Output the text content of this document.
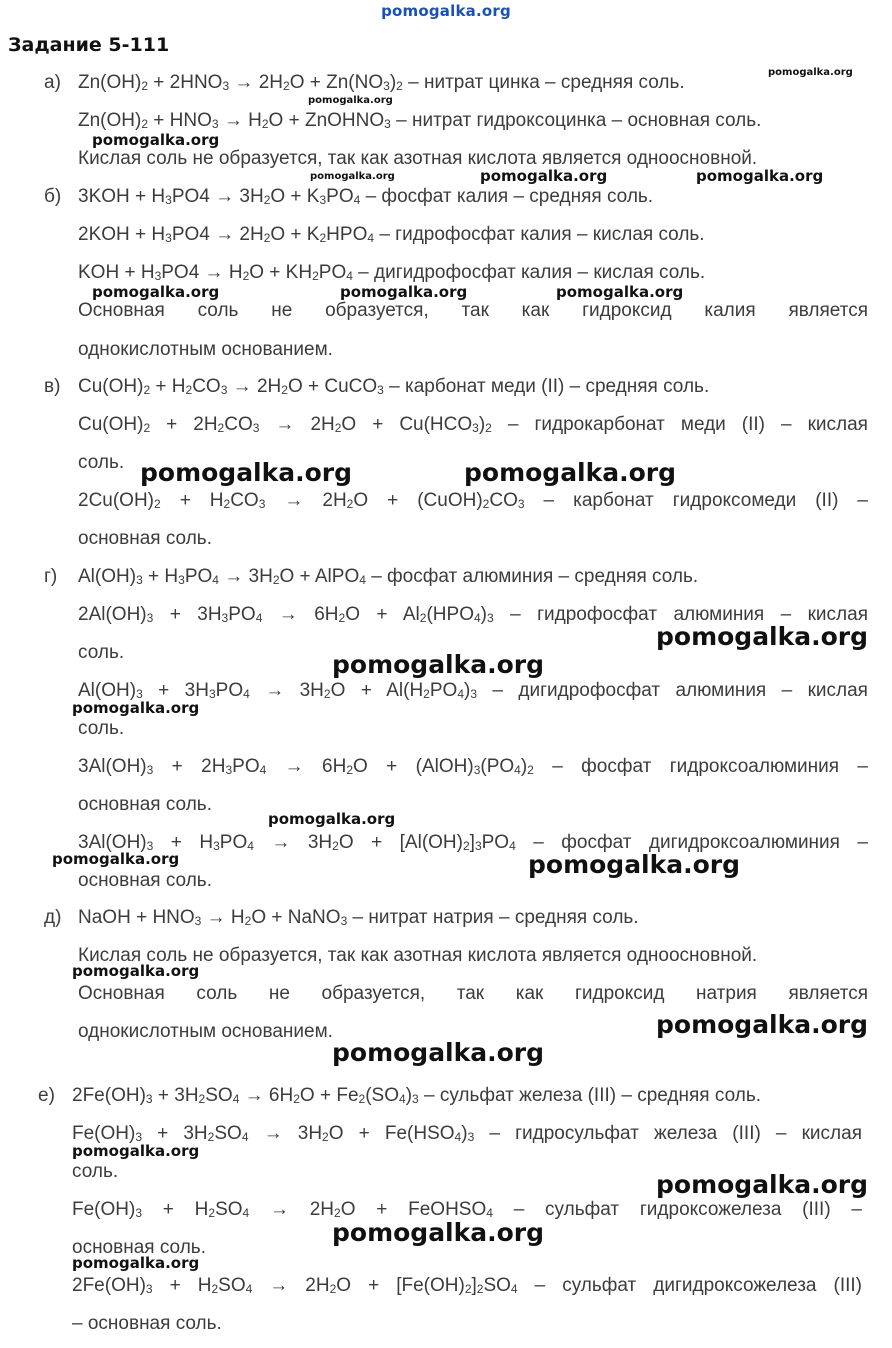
pomogalka.org
Задание 5-111
а) $Zn(OH)_2 + 2HNO_3 \to 2H_2O + Zn(NO_3)_2$ – нитрат цинка – средняя соль.
$Zn(OH)_2 + HNO_3 \to H_2O$ + ZnOHNO$_3$ – нитрат гидроксоцинка – основная соль.
Кислая соль не образуется, так как азотная кислота является одноосновной.
б) $3KOH + H_3PO4 \to 3H_2O + K_3PO_4$ – фосфат калия – средняя соль.
$2KOH + H_3PO4 \to 2H_2O + K_2HPO_4$ – гидрофосфат калия – кислая соль.
KOH + $H_3PO4 \to H_2O + KH_2PO_4$ – дигидрофосфат калия – кислая соль.
Основная соль не образуется, так как гидроксид калия является
однокислотным основанием.
в) $Cu(OH)_2 + H_2CO_3 \to 2H_2O$ + CuCO$_3$ – карбонат меди (II) – средняя соль.
$Cu(OH)_2 + 2H_2CO_3 \to 2H_2O + Cu(HCO_3)_2$ – гидрокарбонат меди (II) – кислая
соль.
$2Cu(OH)_2 + H_2CO_3 \to 2H_2O$ + $(CuOH)_2CO_3$ – карбонат гидроксомеди (II) –
основная соль.
г) $Al(OH)_3 + H_3PO_4 \to 3H_2O$ + AlPO$_4$ – фосфат алюминия – средняя соль.
$2Al(OH)_3 + 3H_3PO_4 \to 6H_2O + Al_2(HPO_4)_3$ – гидрофосфат алюминия – кислая
соль.
$Al(OH)_3 + 3H_3PO_4 \to 3H_2O + Al(H_2PO_4)_3$ – дигидрофосфат алюминия – кислая
соль.
$3Al(OH)_3 + 2H_3PO_4 \to 6H_2O$ + $(AlOH)_3(PO_4)_2$ – фосфат гидроксоалюминия –
основная соль.
$3Al(OH)_3 + H_3PO_4 \to 3H_2O + [Al(OH)_2]_3PO_4$ – фосфат дигидроксоалюминия –
основная соль.
д) NaOH + $HNO_3 \to H_2O$ + NaNO$_3$ – нитрат натрия – средняя соль.
Кислая соль не образуется, так как азотная кислота является одноосновной.
Основная соль не образуется, так как гидроксид натрия является
однокислотным основанием.
е) $2Fe(OH)_3 + 3H_2SO_4 \to 6H_2O + Fe_2(SO_4)_3$ – сульфат железа (III) – средняя соль.
$Fe(OH)_3 + 3H_2SO_4 \to 3H_2O + Fe(HSO_4)_3$ – гидросульфат железа (III) – кислая
соль.
$Fe(OH)_3 + H_2SO_4 \to 2H_2O$ + FeOHSO$_4$ – сульфат гидроксожелеза (III) –
основная соль.
$2Fe(OH)_3 + H_2SO_4 \to 2H_2O + [Fe(OH)_2]_2SO_4$ – сульфат дигидроксожелеза (III)
– основная соль.
pomogalka.org
pomogalka.org
pomogalka.org
pomogalka.org	pomogalka.org	pomogalka.org
pomogalka.org	pomogalka.org	pomogalka.org
pomogalka.org	pomogalka.org
pomogalka.org
pomogalka.org
pomogalka.org
pomogalka.org
pomogalka.org	pomogalka.org
pomogalka.org
pomogalka.org
pomogalka.org
pomogalka.org
pomogalka.org
pomogalka.org
pomogalka.org
